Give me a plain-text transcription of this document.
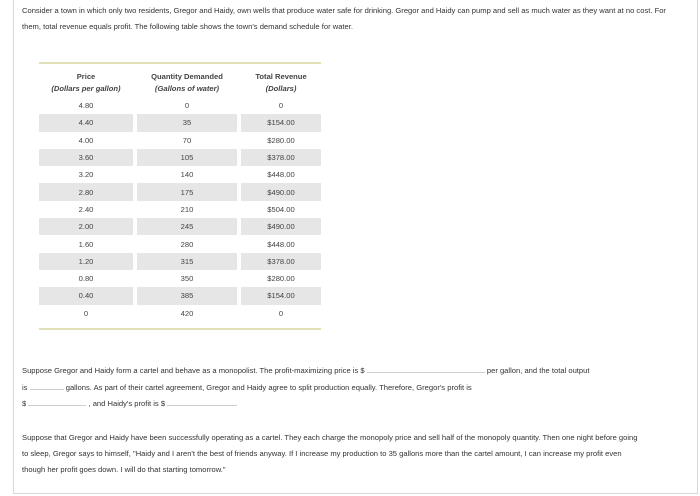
Consider a town in which only two residents, Gregor and Haidy, own wells that produce water safe for drinking. Gregor and Haidy can pump and sell as much water as they want at no cost. For them, total revenue equals profit. The following table shows the town's demand schedule for water.
Price		Quantity Demanded		Total Revenue
(Dollars per gallon)		(Gallons of water)		(Dollars)
4.80		0		0
4.40		35		$154.00
4.00		70		$280.00
3.60		105		$378.00
3.20		140		$448.00
2.80		175		$490.00
2.40		210		$504.00
2.00		245		$490.00
1.60		280		$448.00
1.20		315		$378.00
0.80		350		$280.00
0.40		385		$154.00
0		420		0
Suppose Gregor and Haidy form a cartel and behave as a monopolist. The profit-maximizing price is $	per gallon, and the total output
is	gallons. As part of their cartel agreement, Gregor and Haidy agree to split production equally. Therefore, Gregor's profit is
$	, and Haidy's profit is $
Suppose that Gregor and Haidy have been successfully operating as a cartel. They each charge the monopoly price and sell half of the monopoly quantity. Then one night before going to sleep, Gregor says to himself, "Haidy and I aren't the best of friends anyway. If I increase my production to 35 gallons more than the cartel amount, I can increase my profit even though her profit goes down. I will do that starting tomorrow."
